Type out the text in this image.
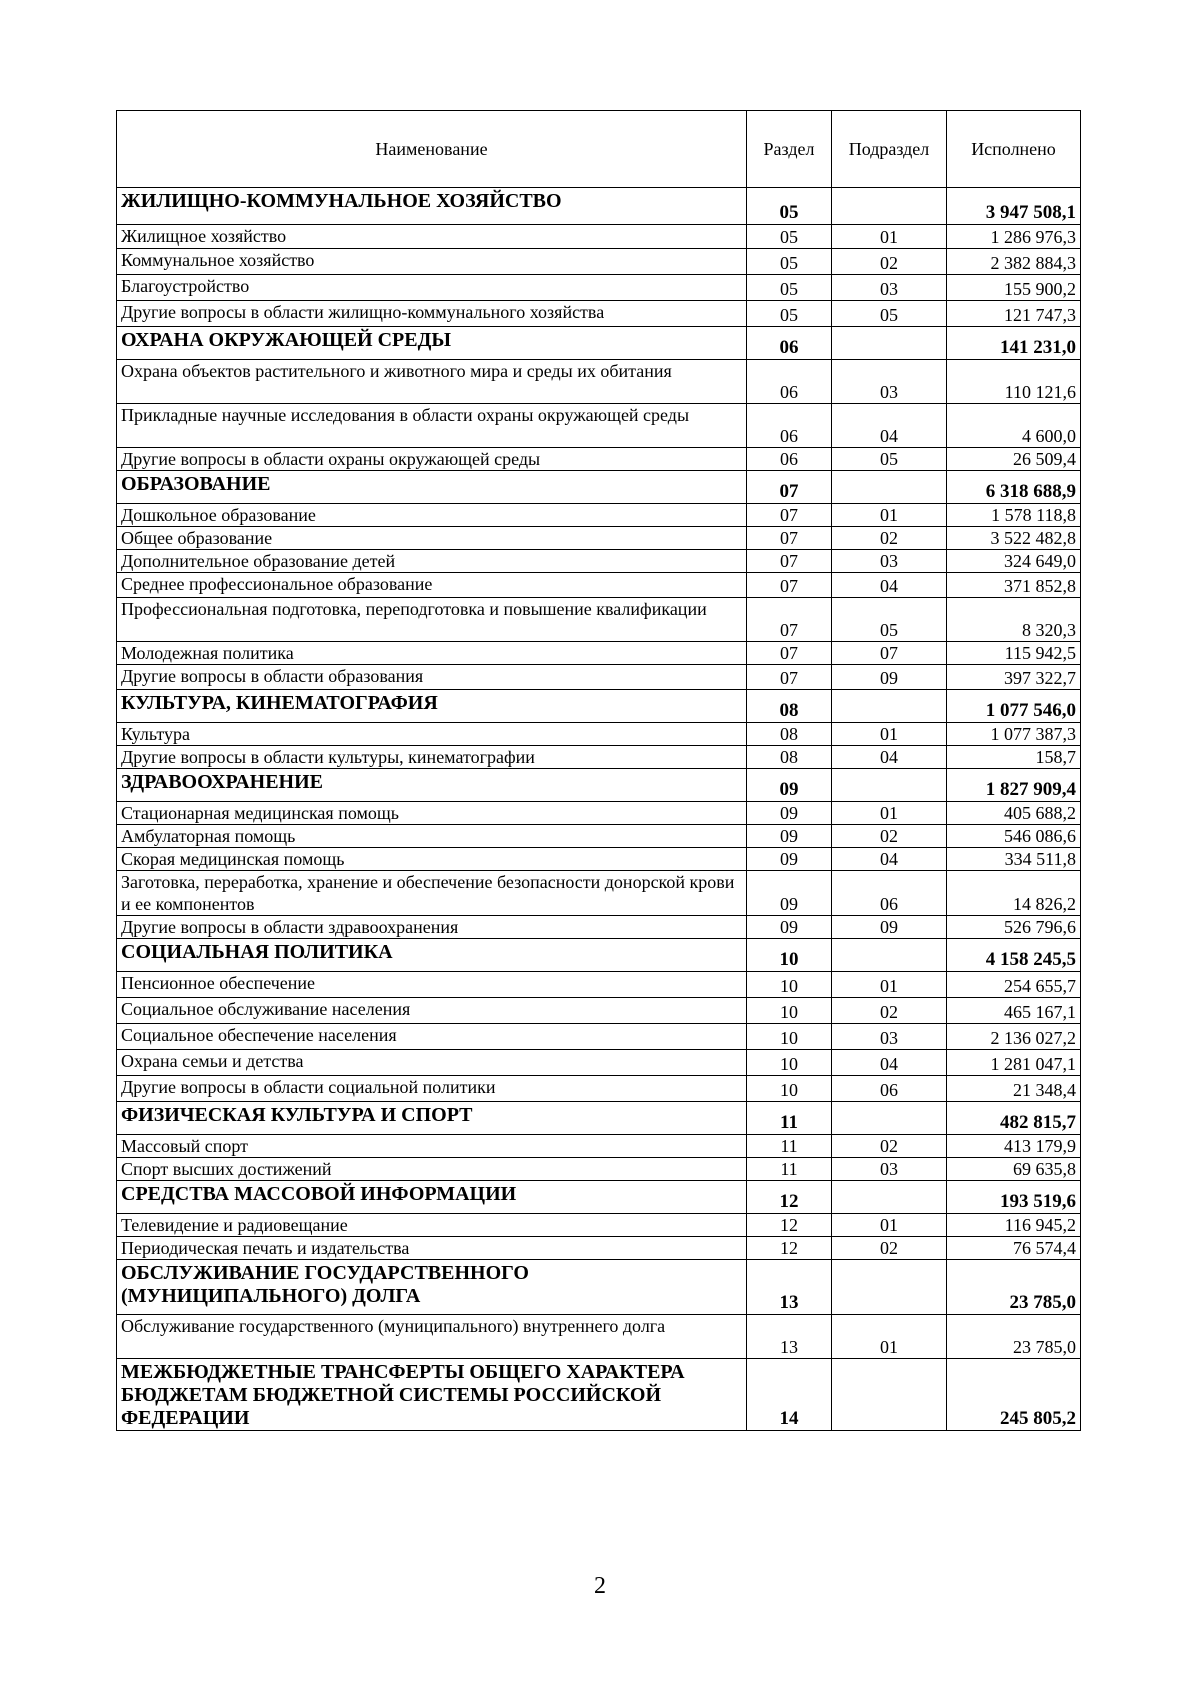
Наименование	Раздел	Подраздел	Исполнено
ЖИЛИЩНО-КОММУНАЛЬНОЕ ХОЗЯЙСТВО	05		3 947 508,1
Жилищное хозяйство	05	01	1 286 976,3
Коммунальное хозяйство	05	02	2 382 884,3
Благоустройство	05	03	155 900,2
Другие вопросы в области жилищно-коммунального хозяйства	05	05	121 747,3
ОХРАНА ОКРУЖАЮЩЕЙ СРЕДЫ	06		141 231,0
Охрана объектов растительного и животного мира и среды их обитания	06	03	110 121,6
Прикладные научные исследования в области охраны окружающей среды	06	04	4 600,0
Другие вопросы в области охраны окружающей среды	06	05	26 509,4
ОБРАЗОВАНИЕ	07		6 318 688,9
Дошкольное образование	07	01	1 578 118,8
Общее образование	07	02	3 522 482,8
Дополнительное образование детей	07	03	324 649,0
Среднее профессиональное образование	07	04	371 852,8
Профессиональная подготовка, переподготовка и повышение квалификации	07	05	8 320,3
Молодежная политика	07	07	115 942,5
Другие вопросы в области образования	07	09	397 322,7
КУЛЬТУРА, КИНЕМАТОГРАФИЯ	08		1 077 546,0
Культура	08	01	1 077 387,3
Другие вопросы в области культуры, кинематографии	08	04	158,7
ЗДРАВООХРАНЕНИЕ	09		1 827 909,4
Стационарная медицинская помощь	09	01	405 688,2
Амбулаторная помощь	09	02	546 086,6
Скорая медицинская помощь	09	04	334 511,8
Заготовка, переработка, хранение и обеспечение безопасности донорской крови и ее компонентов	09	06	14 826,2
Другие вопросы в области здравоохранения	09	09	526 796,6
СОЦИАЛЬНАЯ ПОЛИТИКА	10		4 158 245,5
Пенсионное обеспечение	10	01	254 655,7
Социальное обслуживание населения	10	02	465 167,1
Социальное обеспечение населения	10	03	2 136 027,2
Охрана семьи и детства	10	04	1 281 047,1
Другие вопросы в области социальной политики	10	06	21 348,4
ФИЗИЧЕСКАЯ КУЛЬТУРА И СПОРТ	11		482 815,7
Массовый спорт	11	02	413 179,9
Спорт высших достижений	11	03	69 635,8
СРЕДСТВА МАССОВОЙ ИНФОРМАЦИИ	12		193 519,6
Телевидение и радиовещание	12	01	116 945,2
Периодическая печать и издательства	12	02	76 574,4
ОБСЛУЖИВАНИЕ ГОСУДАРСТВЕННОГО (МУНИЦИПАЛЬНОГО) ДОЛГА	13		23 785,0
Обслуживание государственного (муниципального) внутреннего долга	13	01	23 785,0
МЕЖБЮДЖЕТНЫЕ ТРАНСФЕРТЫ ОБЩЕГО ХАРАКТЕРА БЮДЖЕТАМ БЮДЖЕТНОЙ СИСТЕМЫ РОССИЙСКОЙ ФЕДЕРАЦИИ	14		245 805,2
2
